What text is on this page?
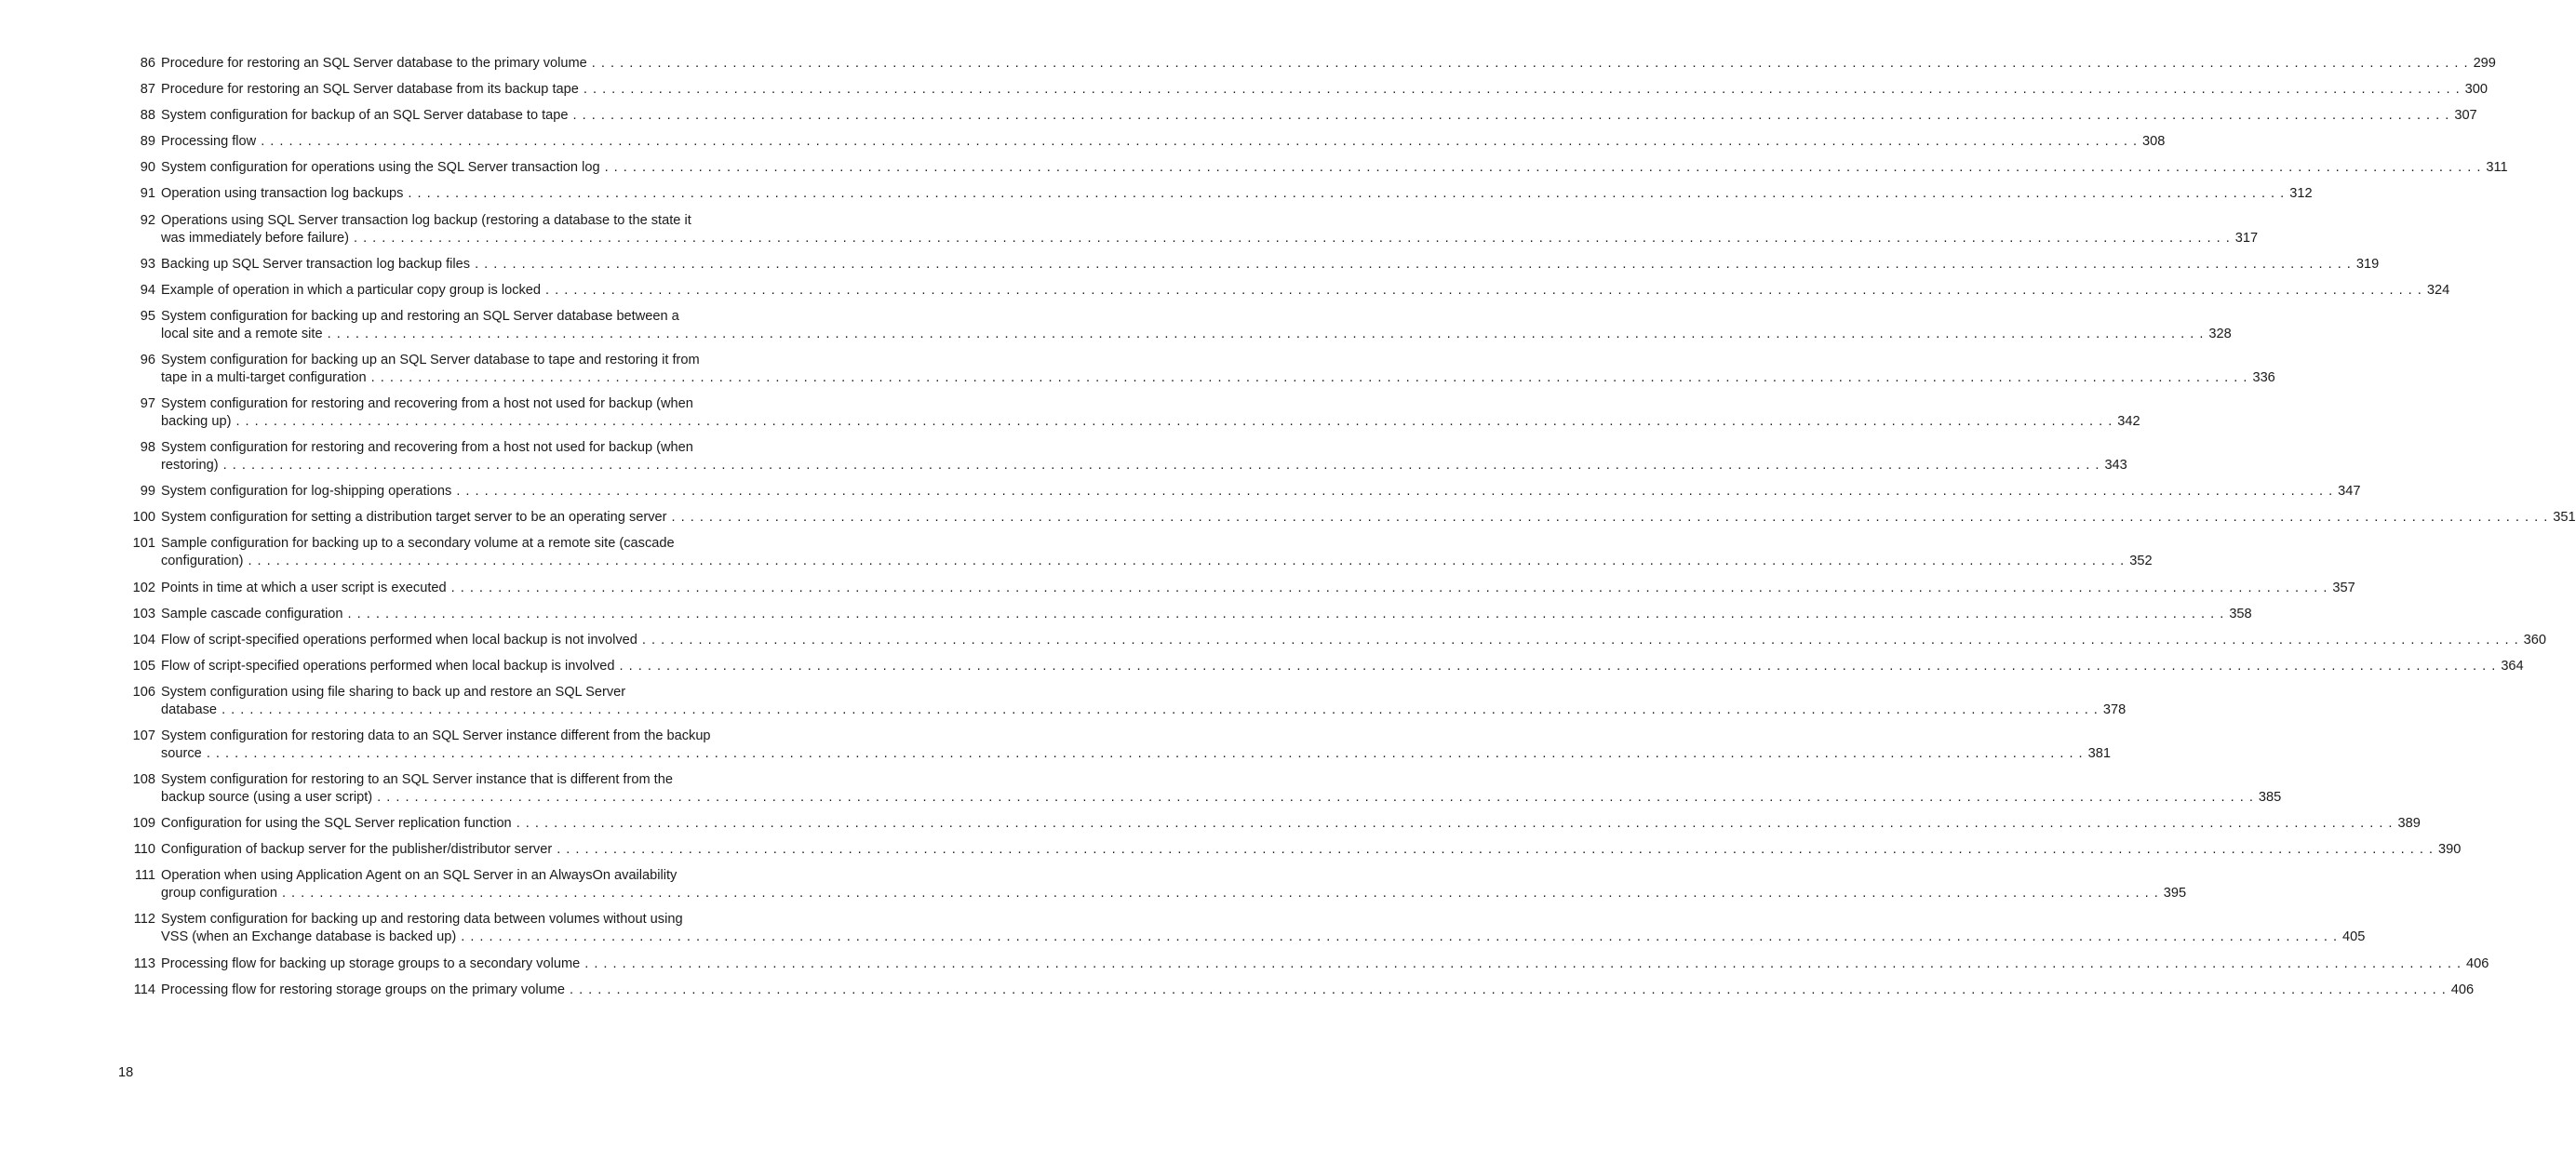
86 Procedure for restoring an SQL Server database to the primary volume . . . . . . . . . . . . . . . . . . . . . . . . . . . . . . . . . . . . . . . . . . . . . . . . . . . . . . . . . . . . . . . . . . . . . . . . . . . . . . . . . . . . . . . . . . . . . . . . . . . . . . . . . . . . . . . . . . . . . . . . . . . . . . . . . . . . . . . . . . . . . . . . . . . . . . . . . . . . . . . . . . . . . . . . . . . . . . . . . . . . . . . . . . . . . . . . . . . . . . . . 299
87 Procedure for restoring an SQL Server database from its backup tape . . . . . . . . . . . . . . . . . . . . . . . . . . . . . . . . . . . . . . . . . . . . . . . . . . . . . . . . . . . . . . . . . . . . . . . . . . . . . . . . . . . . . . . . . . . . . . . . . . . . . . . . . . . . . . . . . . . . . . . . . . . . . . . . . . . . . . . . . . . . . . . . . . . . . . . . . . . . . . . . . . . . . . . . . . . . . . . . . . . . . . . . . . . . . . . . . . . . . . . . 300
88 System configuration for backup of an SQL Server database to tape . . . . . . . . . . . . . . . . . . . . . . . . . . . . . . . . . . . . . . . . . . . . . . . . . . . . . . . . . . . . . . . . . . . . . . . . . . . . . . . . . . . . . . . . . . . . . . . . . . . . . . . . . . . . . . . . . . . . . . . . . . . . . . . . . . . . . . . . . . . . . . . . . . . . . . . . . . . . . . . . . . . . . . . . . . . . . . . . . . . . . . . . . . . . . . . . . . . . . . . . 307
89 Processing flow . . . . . . . . . . . . . . . . . . . . . . . . . . . . . . . . . . . . . . . . . . . . . . . . . . . . . . . . . . . . . . . . . . . . . . . . . . . . . . . . . . . . . . . . . . . . . . . . . . . . . . . . . . . . . . . . . . . . . . . . . . . . . . . . . . . . . . . . . . . . . . . . . . . . . . . . . . . . . . . . . . . . . . . . . . . . . . . . . . . . . . . . . . . . . . . . . . . . . . . . 308
90 System configuration for operations using the SQL Server transaction log . . . . . . . . . . . . . . . . . . . . . . . . . . . . . . . . . . . . . . . . . . . . . . . . . . . . . . . . . . . . . . . . . . . . . . . . . . . . . . . . . . . . . . . . . . . . . . . . . . . . . . . . . . . . . . . . . . . . . . . . . . . . . . . . . . . . . . . . . . . . . . . . . . . . . . . . . . . . . . . . . . . . . . . . . . . . . . . . . . . . . . . . . . . . . . . . . . . . . . . . 311
91 Operation using transaction log backups . . . . . . . . . . . . . . . . . . . . . . . . . . . . . . . . . . . . . . . . . . . . . . . . . . . . . . . . . . . . . . . . . . . . . . . . . . . . . . . . . . . . . . . . . . . . . . . . . . . . . . . . . . . . . . . . . . . . . . . . . . . . . . . . . . . . . . . . . . . . . . . . . . . . . . . . . . . . . . . . . . . . . . . . . . . . . . . . . . . . . . . . . . . . . . . . . . . . . . . . 312
92 Operations using SQL Server transaction log backup (restoring a database to the state it
was immediately before failure) . . . . . . . . . . . . . . . . . . . . . . . . . . . . . . . . . . . . . . . . . . . . . . . . . . . . . . . . . . . . . . . . . . . . . . . . . . . . . . . . . . . . . . . . . . . . . . . . . . . . . . . . . . . . . . . . . . . . . . . . . . . . . . . . . . . . . . . . . . . . . . . . . . . . . . . . . . . . . . . . . . . . . . . . . . . . . . . . . . . . . . . . . . . . . . . . . . . . . . . . 317
93 Backing up SQL Server transaction log backup files . . . . . . . . . . . . . . . . . . . . . . . . . . . . . . . . . . . . . . . . . . . . . . . . . . . . . . . . . . . . . . . . . . . . . . . . . . . . . . . . . . . . . . . . . . . . . . . . . . . . . . . . . . . . . . . . . . . . . . . . . . . . . . . . . . . . . . . . . . . . . . . . . . . . . . . . . . . . . . . . . . . . . . . . . . . . . . . . . . . . . . . . . . . . . . . . . . . . . . . . 319
94 Example of operation in which a particular copy group is locked . . . . . . . . . . . . . . . . . . . . . . . . . . . . . . . . . . . . . . . . . . . . . . . . . . . . . . . . . . . . . . . . . . . . . . . . . . . . . . . . . . . . . . . . . . . . . . . . . . . . . . . . . . . . . . . . . . . . . . . . . . . . . . . . . . . . . . . . . . . . . . . . . . . . . . . . . . . . . . . . . . . . . . . . . . . . . . . . . . . . . . . . . . . . . . . . . . . . . . . . 324
95 System configuration for backing up and restoring an SQL Server database between a
local site and a remote site . . . . . . . . . . . . . . . . . . . . . . . . . . . . . . . . . . . . . . . . . . . . . . . . . . . . . . . . . . . . . . . . . . . . . . . . . . . . . . . . . . . . . . . . . . . . . . . . . . . . . . . . . . . . . . . . . . . . . . . . . . . . . . . . . . . . . . . . . . . . . . . . . . . . . . . . . . . . . . . . . . . . . . . . . . . . . . . . . . . . . . . . . . . . . . . . . . . . . . . . 328
96 System configuration for backing up an SQL Server database to tape and restoring it from
tape in a multi-target configuration . . . . . . . . . . . . . . . . . . . . . . . . . . . . . . . . . . . . . . . . . . . . . . . . . . . . . . . . . . . . . . . . . . . . . . . . . . . . . . . . . . . . . . . . . . . . . . . . . . . . . . . . . . . . . . . . . . . . . . . . . . . . . . . . . . . . . . . . . . . . . . . . . . . . . . . . . . . . . . . . . . . . . . . . . . . . . . . . . . . . . . . . . . . . . . . . . . . . . . . . 336
97 System configuration for restoring and recovering from a host not used for backup (when
backing up) . . . . . . . . . . . . . . . . . . . . . . . . . . . . . . . . . . . . . . . . . . . . . . . . . . . . . . . . . . . . . . . . . . . . . . . . . . . . . . . . . . . . . . . . . . . . . . . . . . . . . . . . . . . . . . . . . . . . . . . . . . . . . . . . . . . . . . . . . . . . . . . . . . . . . . . . . . . . . . . . . . . . . . . . . . . . . . . . . . . . . . . . . . . . . . . . . . . . . . . . 342
98 System configuration for restoring and recovering from a host not used for backup (when
restoring) . . . . . . . . . . . . . . . . . . . . . . . . . . . . . . . . . . . . . . . . . . . . . . . . . . . . . . . . . . . . . . . . . . . . . . . . . . . . . . . . . . . . . . . . . . . . . . . . . . . . . . . . . . . . . . . . . . . . . . . . . . . . . . . . . . . . . . . . . . . . . . . . . . . . . . . . . . . . . . . . . . . . . . . . . . . . . . . . . . . . . . . . . . . . . . . . . . . . . . . . 343
99 System configuration for log-shipping operations . . . . . . . . . . . . . . . . . . . . . . . . . . . . . . . . . . . . . . . . . . . . . . . . . . . . . . . . . . . . . . . . . . . . . . . . . . . . . . . . . . . . . . . . . . . . . . . . . . . . . . . . . . . . . . . . . . . . . . . . . . . . . . . . . . . . . . . . . . . . . . . . . . . . . . . . . . . . . . . . . . . . . . . . . . . . . . . . . . . . . . . . . . . . . . . . . . . . . . . . 347
100 System configuration for setting a distribution target server to be an operating server . . . . . . . . . . . . . . . . . . . . . . . . . . . . . . . . . . . . . . . . . . . . . . . . . . . . . . . . . . . . . . . . . . . . . . . . . . . . . . . . . . . . . . . . . . . . . . . . . . . . . . . . . . . . . . . . . . . . . . . . . . . . . . . . . . . . . . . . . . . . . . . . . . . . . . . . . . . . . . . . . . . . . . . . . . . . . . . . . . . . . . . . . . . . . . . . . . . . . . . . 351
101 Sample configuration for backing up to a secondary volume at a remote site (cascade
configuration) . . . . . . . . . . . . . . . . . . . . . . . . . . . . . . . . . . . . . . . . . . . . . . . . . . . . . . . . . . . . . . . . . . . . . . . . . . . . . . . . . . . . . . . . . . . . . . . . . . . . . . . . . . . . . . . . . . . . . . . . . . . . . . . . . . . . . . . . . . . . . . . . . . . . . . . . . . . . . . . . . . . . . . . . . . . . . . . . . . . . . . . . . . . . . . . . . . . . . . . . 352
102 Points in time at which a user script is executed . . . . . . . . . . . . . . . . . . . . . . . . . . . . . . . . . . . . . . . . . . . . . . . . . . . . . . . . . . . . . . . . . . . . . . . . . . . . . . . . . . . . . . . . . . . . . . . . . . . . . . . . . . . . . . . . . . . . . . . . . . . . . . . . . . . . . . . . . . . . . . . . . . . . . . . . . . . . . . . . . . . . . . . . . . . . . . . . . . . . . . . . . . . . . . . . . . . . . . . . 357
103 Sample cascade configuration . . . . . . . . . . . . . . . . . . . . . . . . . . . . . . . . . . . . . . . . . . . . . . . . . . . . . . . . . . . . . . . . . . . . . . . . . . . . . . . . . . . . . . . . . . . . . . . . . . . . . . . . . . . . . . . . . . . . . . . . . . . . . . . . . . . . . . . . . . . . . . . . . . . . . . . . . . . . . . . . . . . . . . . . . . . . . . . . . . . . . . . . . . . . . . . . . . . . . . . . 358
104 Flow of script-specified operations performed when local backup is not involved . . . . . . . . . . . . . . . . . . . . . . . . . . . . . . . . . . . . . . . . . . . . . . . . . . . . . . . . . . . . . . . . . . . . . . . . . . . . . . . . . . . . . . . . . . . . . . . . . . . . . . . . . . . . . . . . . . . . . . . . . . . . . . . . . . . . . . . . . . . . . . . . . . . . . . . . . . . . . . . . . . . . . . . . . . . . . . . . . . . . . . . . . . . . . . . . . . . . . . . . 360
105 Flow of script-specified operations performed when local backup is involved . . . . . . . . . . . . . . . . . . . . . . . . . . . . . . . . . . . . . . . . . . . . . . . . . . . . . . . . . . . . . . . . . . . . . . . . . . . . . . . . . . . . . . . . . . . . . . . . . . . . . . . . . . . . . . . . . . . . . . . . . . . . . . . . . . . . . . . . . . . . . . . . . . . . . . . . . . . . . . . . . . . . . . . . . . . . . . . . . . . . . . . . . . . . . . . . . . . . . . . . 364
106 System configuration using file sharing to back up and restore an SQL Server
database . . . . . . . . . . . . . . . . . . . . . . . . . . . . . . . . . . . . . . . . . . . . . . . . . . . . . . . . . . . . . . . . . . . . . . . . . . . . . . . . . . . . . . . . . . . . . . . . . . . . . . . . . . . . . . . . . . . . . . . . . . . . . . . . . . . . . . . . . . . . . . . . . . . . . . . . . . . . . . . . . . . . . . . . . . . . . . . . . . . . . . . . . . . . . . . . . . . . . . . . 378
107 System configuration for restoring data to an SQL Server instance different from the backup
source . . . . . . . . . . . . . . . . . . . . . . . . . . . . . . . . . . . . . . . . . . . . . . . . . . . . . . . . . . . . . . . . . . . . . . . . . . . . . . . . . . . . . . . . . . . . . . . . . . . . . . . . . . . . . . . . . . . . . . . . . . . . . . . . . . . . . . . . . . . . . . . . . . . . . . . . . . . . . . . . . . . . . . . . . . . . . . . . . . . . . . . . . . . . . . . . . . . . . . . . 381
108 System configuration for restoring to an SQL Server instance that is different from the
backup source (using a user script) . . . . . . . . . . . . . . . . . . . . . . . . . . . . . . . . . . . . . . . . . . . . . . . . . . . . . . . . . . . . . . . . . . . . . . . . . . . . . . . . . . . . . . . . . . . . . . . . . . . . . . . . . . . . . . . . . . . . . . . . . . . . . . . . . . . . . . . . . . . . . . . . . . . . . . . . . . . . . . . . . . . . . . . . . . . . . . . . . . . . . . . . . . . . . . . . . . . . . . . . 385
109 Configuration for using the SQL Server replication function . . . . . . . . . . . . . . . . . . . . . . . . . . . . . . . . . . . . . . . . . . . . . . . . . . . . . . . . . . . . . . . . . . . . . . . . . . . . . . . . . . . . . . . . . . . . . . . . . . . . . . . . . . . . . . . . . . . . . . . . . . . . . . . . . . . . . . . . . . . . . . . . . . . . . . . . . . . . . . . . . . . . . . . . . . . . . . . . . . . . . . . . . . . . . . . . . . . . . . . . 389
110 Configuration of backup server for the publisher/distributor server . . . . . . . . . . . . . . . . . . . . . . . . . . . . . . . . . . . . . . . . . . . . . . . . . . . . . . . . . . . . . . . . . . . . . . . . . . . . . . . . . . . . . . . . . . . . . . . . . . . . . . . . . . . . . . . . . . . . . . . . . . . . . . . . . . . . . . . . . . . . . . . . . . . . . . . . . . . . . . . . . . . . . . . . . . . . . . . . . . . . . . . . . . . . . . . . . . . . . . . . 390
111 Operation when using Application Agent on an SQL Server in an AlwaysOn availability
group configuration . . . . . . . . . . . . . . . . . . . . . . . . . . . . . . . . . . . . . . . . . . . . . . . . . . . . . . . . . . . . . . . . . . . . . . . . . . . . . . . . . . . . . . . . . . . . . . . . . . . . . . . . . . . . . . . . . . . . . . . . . . . . . . . . . . . . . . . . . . . . . . . . . . . . . . . . . . . . . . . . . . . . . . . . . . . . . . . . . . . . . . . . . . . . . . . . . . . . . . . . 395
112 System configuration for backing up and restoring data between volumes without using
VSS (when an Exchange database is backed up) . . . . . . . . . . . . . . . . . . . . . . . . . . . . . . . . . . . . . . . . . . . . . . . . . . . . . . . . . . . . . . . . . . . . . . . . . . . . . . . . . . . . . . . . . . . . . . . . . . . . . . . . . . . . . . . . . . . . . . . . . . . . . . . . . . . . . . . . . . . . . . . . . . . . . . . . . . . . . . . . . . . . . . . . . . . . . . . . . . . . . . . . . . . . . . . . . . . . . . . . 405
113 Processing flow for backing up storage groups to a secondary volume . . . . . . . . . . . . . . . . . . . . . . . . . . . . . . . . . . . . . . . . . . . . . . . . . . . . . . . . . . . . . . . . . . . . . . . . . . . . . . . . . . . . . . . . . . . . . . . . . . . . . . . . . . . . . . . . . . . . . . . . . . . . . . . . . . . . . . . . . . . . . . . . . . . . . . . . . . . . . . . . . . . . . . . . . . . . . . . . . . . . . . . . . . . . . . . . . . . . . . . . 406
114 Processing flow for restoring storage groups on the primary volume . . . . . . . . . . . . . . . . . . . . . . . . . . . . . . . . . . . . . . . . . . . . . . . . . . . . . . . . . . . . . . . . . . . . . . . . . . . . . . . . . . . . . . . . . . . . . . . . . . . . . . . . . . . . . . . . . . . . . . . . . . . . . . . . . . . . . . . . . . . . . . . . . . . . . . . . . . . . . . . . . . . . . . . . . . . . . . . . . . . . . . . . . . . . . . . . . . . . . . . . 406
18
